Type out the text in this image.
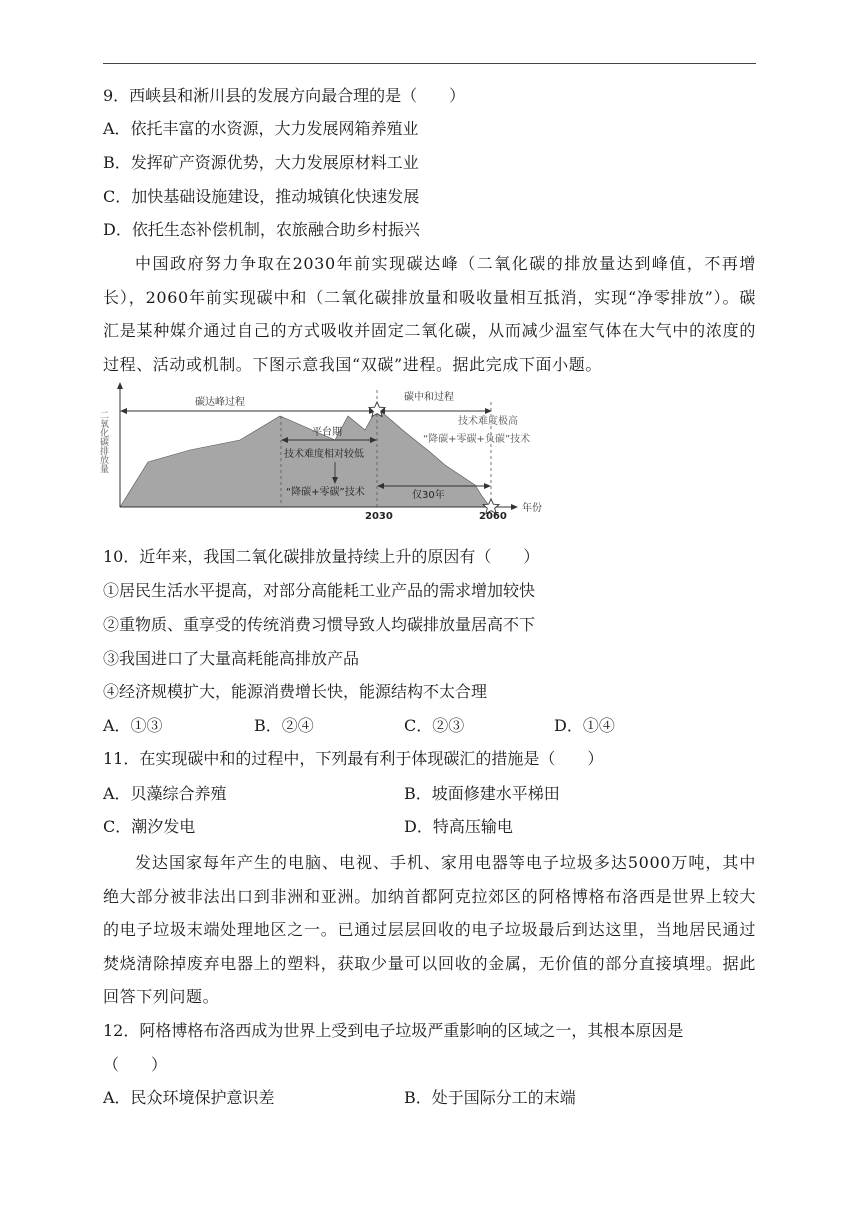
9．西峡县和淅川县的发展方向最合理的是（　　）
A．依托丰富的水资源，大力发展网箱养殖业
B．发挥矿产资源优势，大力发展原材料工业
C．加快基础设施建设，推动城镇化快速发展
D．依托生态补偿机制，农旅融合助乡村振兴

中国政府努力争取在2030年前实现碳达峰（二氧化碳的排放量达到峰值，不再增长），2060年前实现碳中和（二氧化碳排放量和吸收量相互抵消，实现“净零排放”）。碳汇是某种媒介通过自己的方式吸收并固定二氧化碳，从而减少温室气体在大气中的浓度的过程、活动或机制。下图示意我国“双碳”进程。据此完成下面小题。

年份
二氧化碳排放量
碳达峰过程	碳中和过程
平台期
技术难度相对较低
“降碳+零碳”技术
技术难度极高
“降碳+零碳+负碳”技术
仅30年
2030	2060
10．近年来，我国二氧化碳排放量持续上升的原因有（　　）
①居民生活水平提高，对部分高能耗工业产品的需求增加较快
②重物质、重享受的传统消费习惯导致人均碳排放量居高不下
③我国进口了大量高耗能高排放产品
④经济规模扩大，能源消费增长快，能源结构不太合理
A．①③	B．②④	C．②③	D．①④
11．在实现碳中和的过程中，下列最有利于体现碳汇的措施是（　　）
A．贝藻综合养殖	B．坡面修建水平梯田
C．潮汐发电	D．特高压输电

发达国家每年产生的电脑、电视、手机、家用电器等电子垃圾多达5000万吨，其中绝大部分被非法出口到非洲和亚洲。加纳首都阿克拉郊区的阿格博格布洛西是世界上较大的电子垃圾末端处理地区之一。已通过层层回收的电子垃圾最后到达这里，当地居民通过焚烧清除掉废弃电器上的塑料，获取少量可以回收的金属，无价值的部分直接填埋。据此回答下列问题。

12．阿格博格布洛西成为世界上受到电子垃圾严重影响的区域之一，其根本原因是
（　　）
A．民众环境保护意识差	B．处于国际分工的末端
